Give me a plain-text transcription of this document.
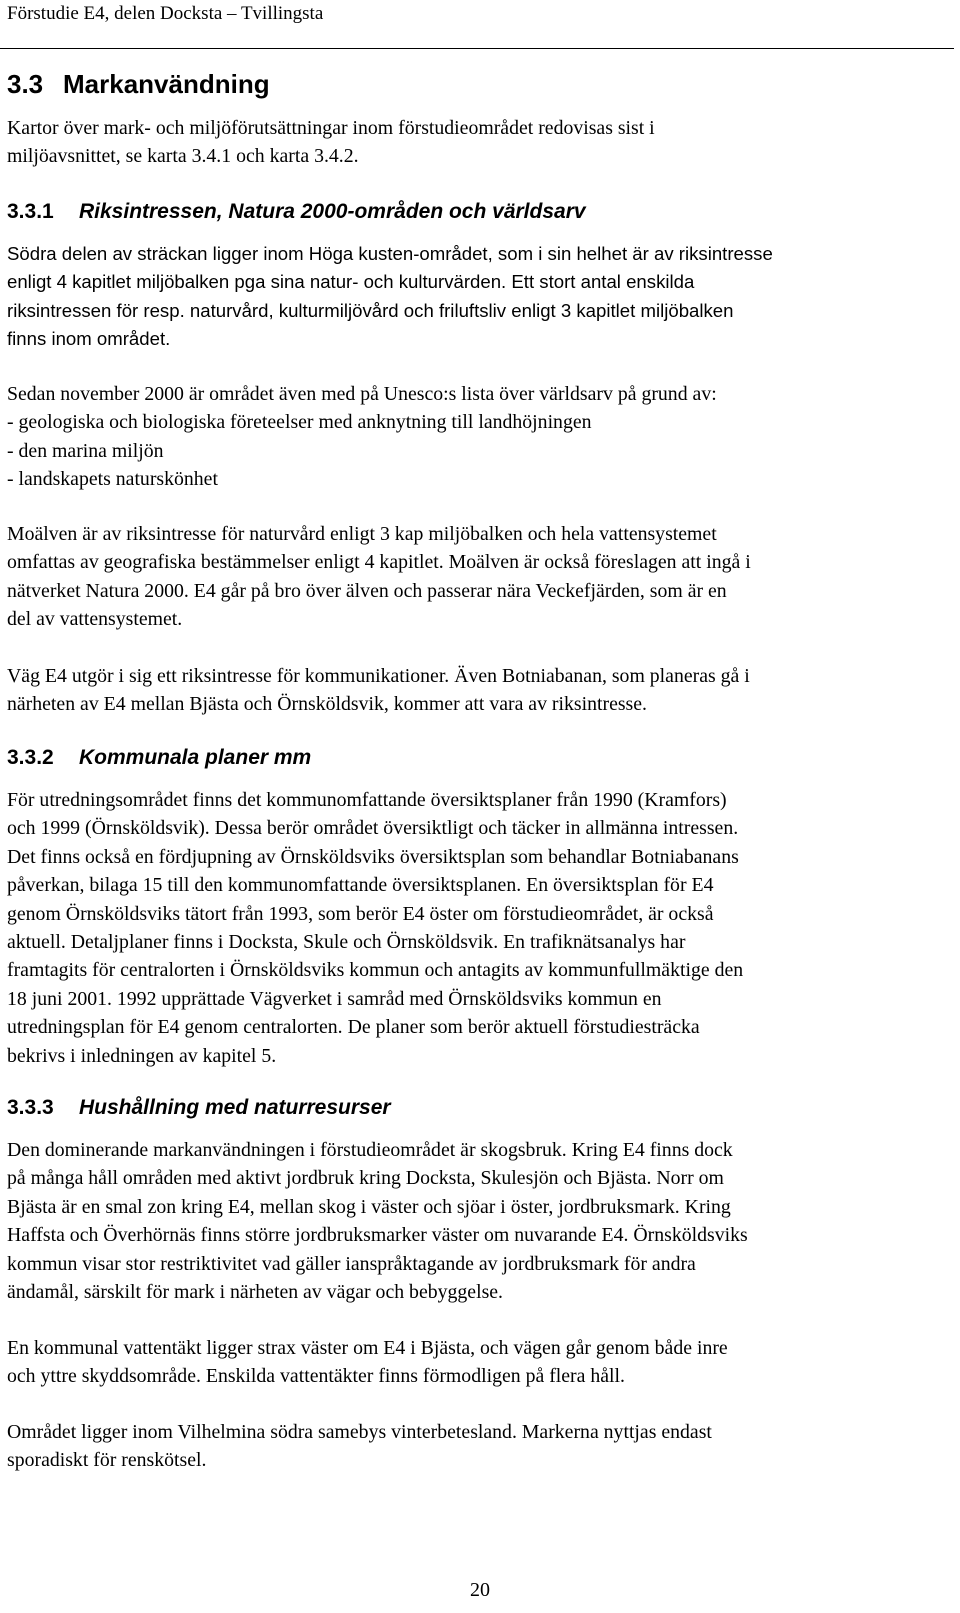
Förstudie E4, delen Docksta – Tvillingsta
3.3 Markanvändning
Kartor över mark- och miljöförutsättningar inom förstudieområdet redovisas sist i
miljöavsnittet, se karta 3.4.1 och karta 3.4.2.
3.3.1 Riksintressen, Natura 2000-områden och världsarv
Södra delen av sträckan ligger inom Höga kusten-området, som i sin helhet är av riksintresse
enligt 4 kapitlet miljöbalken pga sina natur- och kulturvärden. Ett stort antal enskilda
riksintressen för resp. naturvård, kulturmiljövård och friluftsliv enligt 3 kapitlet miljöbalken
finns inom området.
Sedan november 2000 är området även med på Unesco:s lista över världsarv på grund av:
- geologiska och biologiska företeelser med anknytning till landhöjningen
- den marina miljön
- landskapets naturskönhet
Moälven är av riksintresse för naturvård enligt 3 kap miljöbalken och hela vattensystemet
omfattas av geografiska bestämmelser enligt 4 kapitlet. Moälven är också föreslagen att ingå i
nätverket Natura 2000. E4 går på bro över älven och passerar nära Veckefjärden, som är en
del av vattensystemet.
Väg E4 utgör i sig ett riksintresse för kommunikationer. Även Botniabanan, som planeras gå i
närheten av E4 mellan Bjästa och Örnsköldsvik, kommer att vara av riksintresse.
3.3.2 Kommunala planer mm
För utredningsområdet finns det kommunomfattande översiktsplaner från 1990 (Kramfors)
och 1999 (Örnsköldsvik). Dessa berör området översiktligt och täcker in allmänna intressen.
Det finns också en fördjupning av Örnsköldsviks översiktsplan som behandlar Botniabanans
påverkan, bilaga 15 till den kommunomfattande översiktsplanen. En översiktsplan för E4
genom Örnsköldsviks tätort från 1993, som berör E4 öster om förstudieområdet, är också
aktuell. Detaljplaner finns i Docksta, Skule och Örnsköldsvik. En trafiknätsanalys har
framtagits för centralorten i Örnsköldsviks kommun och antagits av kommunfullmäktige den
18 juni 2001. 1992 upprättade Vägverket i samråd med Örnsköldsviks kommun en
utredningsplan för E4 genom centralorten. De planer som berör aktuell förstudiesträcka
bekrivs i inledningen av kapitel 5.
3.3.3 Hushållning med naturresurser
Den dominerande markanvändningen i förstudieområdet är skogsbruk. Kring E4 finns dock
på många håll områden med aktivt jordbruk kring Docksta, Skulesjön och Bjästa. Norr om
Bjästa är en smal zon kring E4, mellan skog i väster och sjöar i öster, jordbruksmark. Kring
Haffsta och Överhörnäs finns större jordbruksmarker väster om nuvarande E4. Örnsköldsviks
kommun visar stor restriktivitet vad gäller ianspråktagande av jordbruksmark för andra
ändamål, särskilt för mark i närheten av vägar och bebyggelse.
En kommunal vattentäkt ligger strax väster om E4 i Bjästa, och vägen går genom både inre
och yttre skyddsområde. Enskilda vattentäkter finns förmodligen på flera håll.
Området ligger inom Vilhelmina södra samebys vinterbetesland. Markerna nyttjas endast
sporadiskt för renskötsel.
20
